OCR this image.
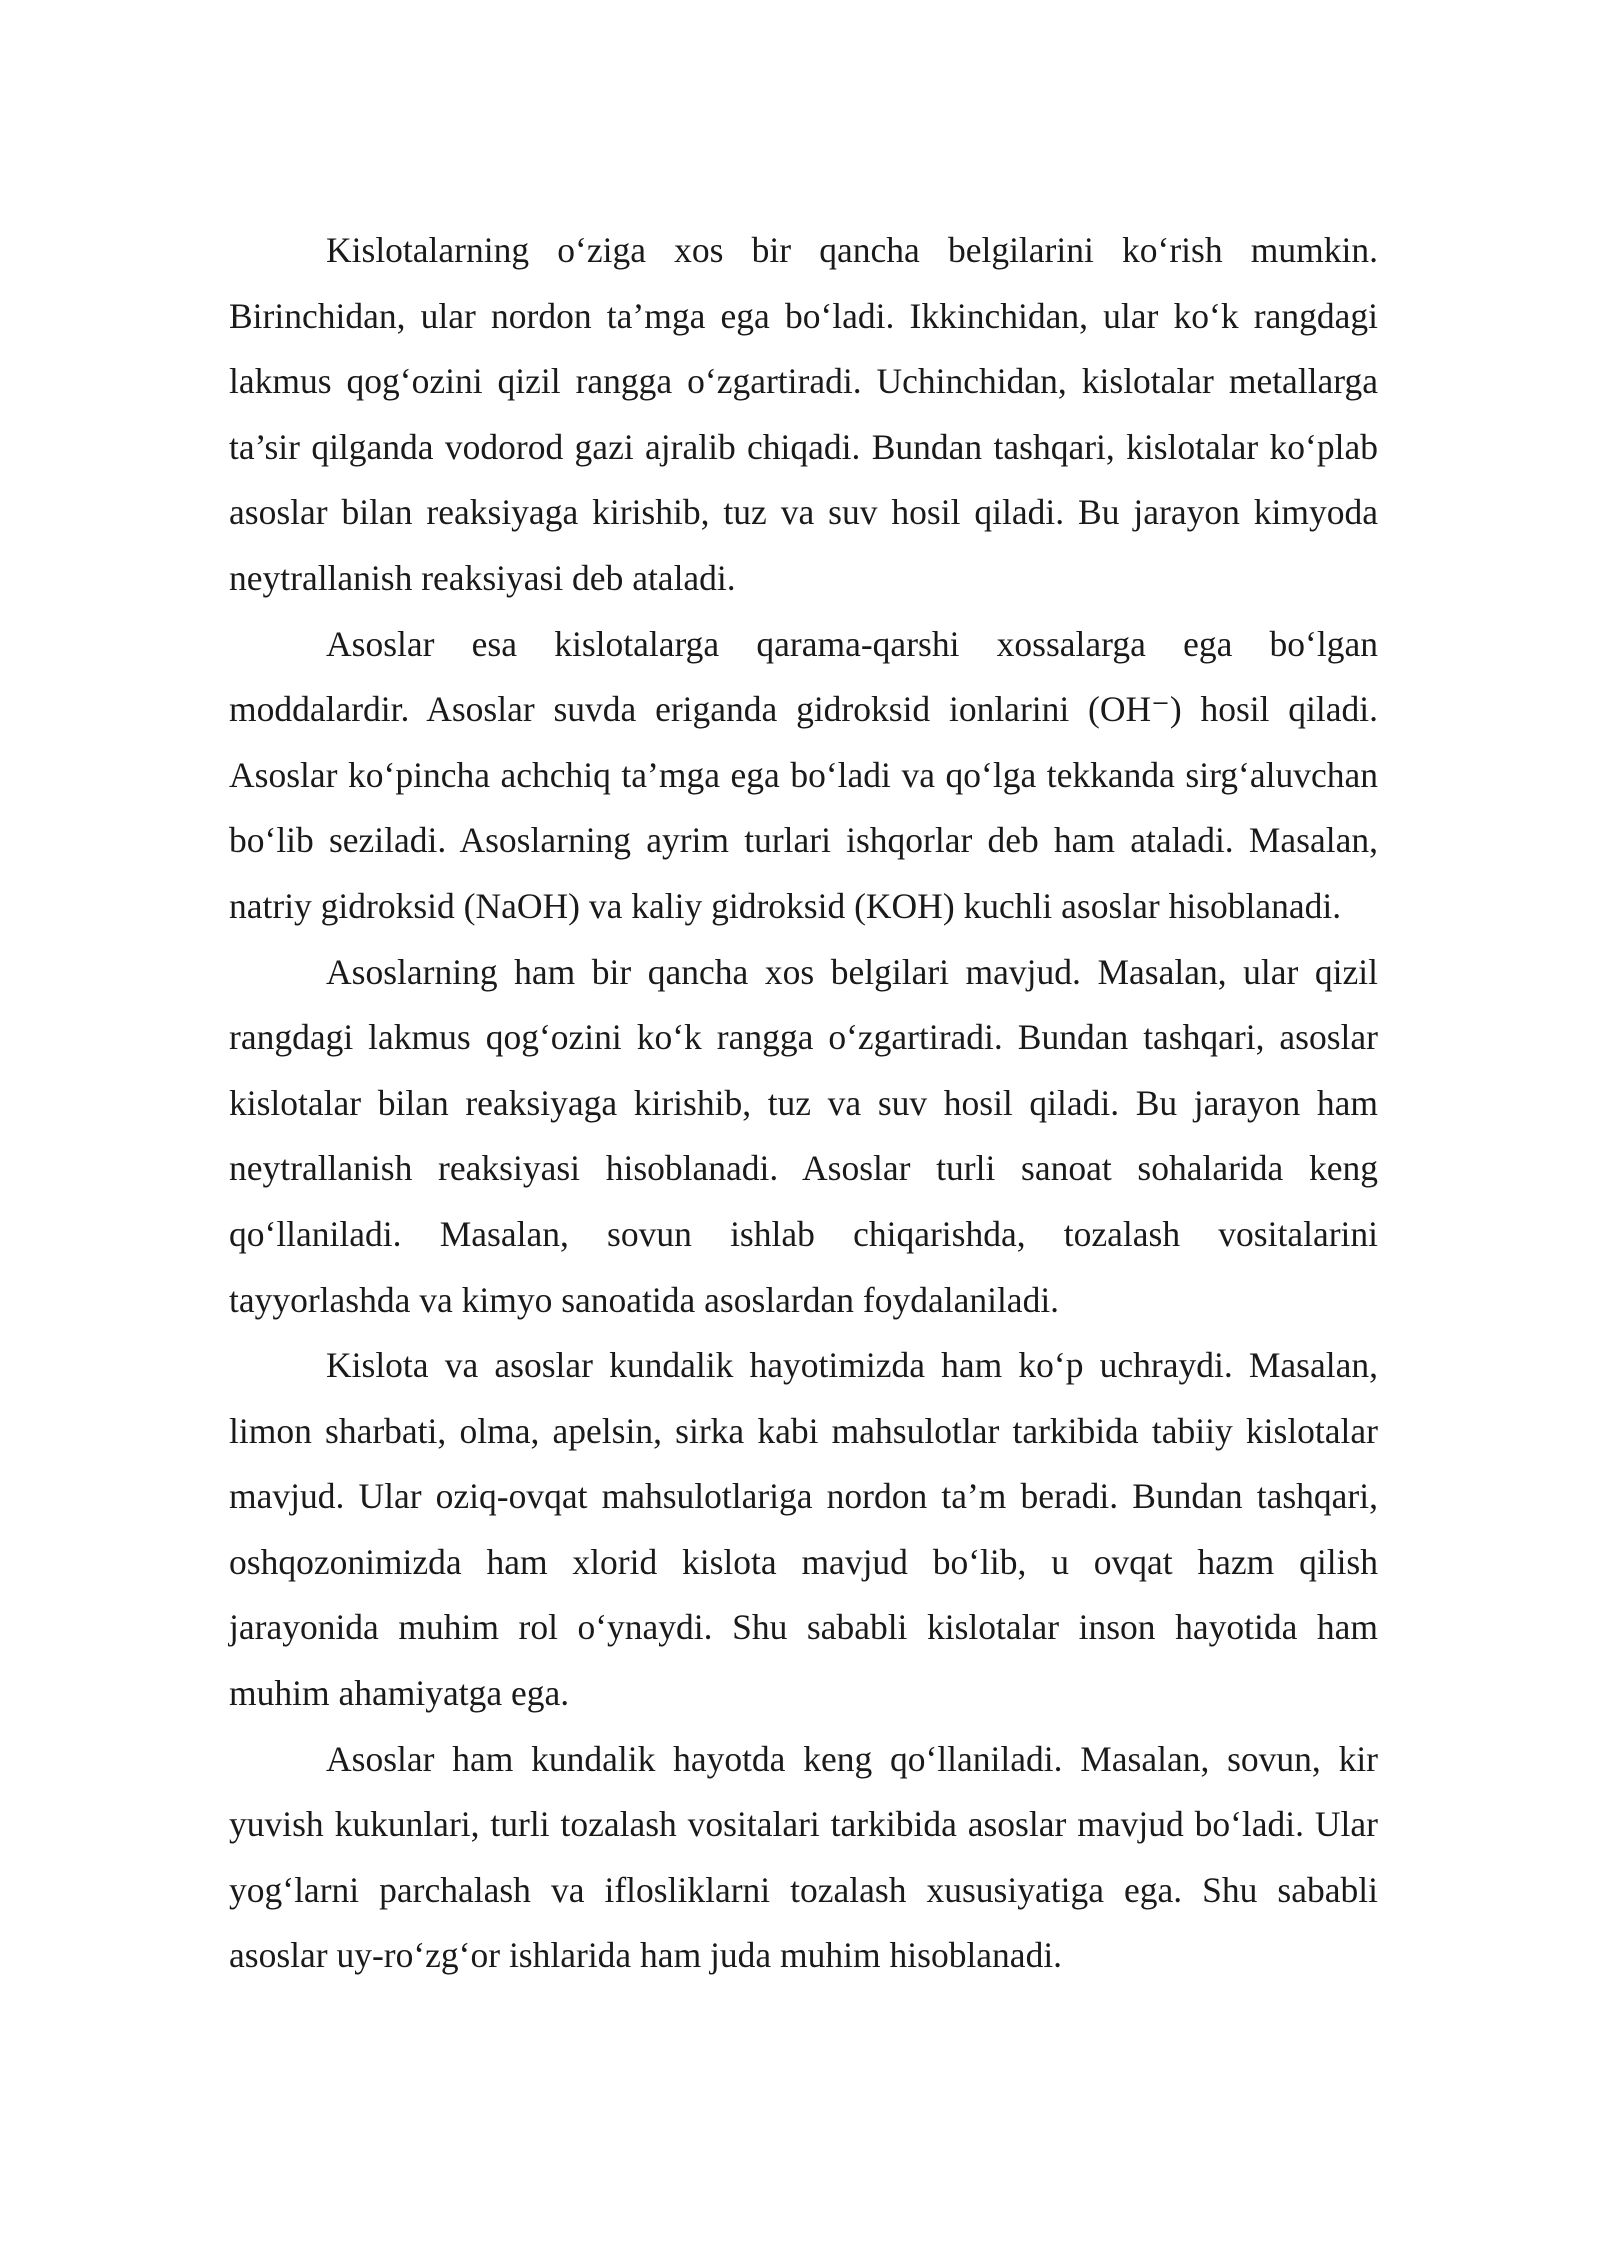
Kislotalarning o‘ziga xos bir qancha belgilarini ko‘rish mumkin. Birinchidan, ular nordon ta’mga ega bo‘ladi. Ikkinchidan, ular ko‘k rangdagi lakmus qog‘ozini qizil rangga o‘zgartiradi. Uchinchidan, kislotalar metallarga ta’sir qilganda vodorod gazi ajralib chiqadi. Bundan tashqari, kislotalar ko‘plab asoslar bilan reaksiyaga kirishib, tuz va suv hosil qiladi. Bu jarayon kimyoda neytrallanish reaksiyasi deb ataladi.

Asoslar esa kislotalarga qarama-qarshi xossalarga ega bo‘lgan moddalardir. Asoslar suvda eriganda gidroksid ionlarini (OH⁻) hosil qiladi. Asoslar ko‘pincha achchiq ta’mga ega bo‘ladi va qo‘lga tekkanda sirg‘aluvchan bo‘lib seziladi. Asoslarning ayrim turlari ishqorlar deb ham ataladi. Masalan, natriy gidroksid (NaOH) va kaliy gidroksid (KOH) kuchli asoslar hisoblanadi.

Asoslarning ham bir qancha xos belgilari mavjud. Masalan, ular qizil rangdagi lakmus qog‘ozini ko‘k rangga o‘zgartiradi. Bundan tashqari, asoslar kislotalar bilan reaksiyaga kirishib, tuz va suv hosil qiladi. Bu jarayon ham neytrallanish reaksiyasi hisoblanadi. Asoslar turli sanoat sohalarida keng qo‘llaniladi. Masalan, sovun ishlab chiqarishda, tozalash vositalarini tayyorlashda va kimyo sanoatida asoslardan foydalaniladi.

Kislota va asoslar kundalik hayotimizda ham ko‘p uchraydi. Masalan, limon sharbati, olma, apelsin, sirka kabi mahsulotlar tarkibida tabiiy kislotalar mavjud. Ular oziq-ovqat mahsulotlariga nordon ta’m beradi. Bundan tashqari, oshqozonimizda ham xlorid kislota mavjud bo‘lib, u ovqat hazm qilish jarayonida muhim rol o‘ynaydi. Shu sababli kislotalar inson hayotida ham muhim ahamiyatga ega.

Asoslar ham kundalik hayotda keng qo‘llaniladi. Masalan, sovun, kir yuvish kukunlari, turli tozalash vositalari tarkibida asoslar mavjud bo‘ladi. Ular yog‘larni parchalash va iflosliklarni tozalash xususiyatiga ega. Shu sababli asoslar uy-ro‘zg‘or ishlarida ham juda muhim hisoblanadi.
